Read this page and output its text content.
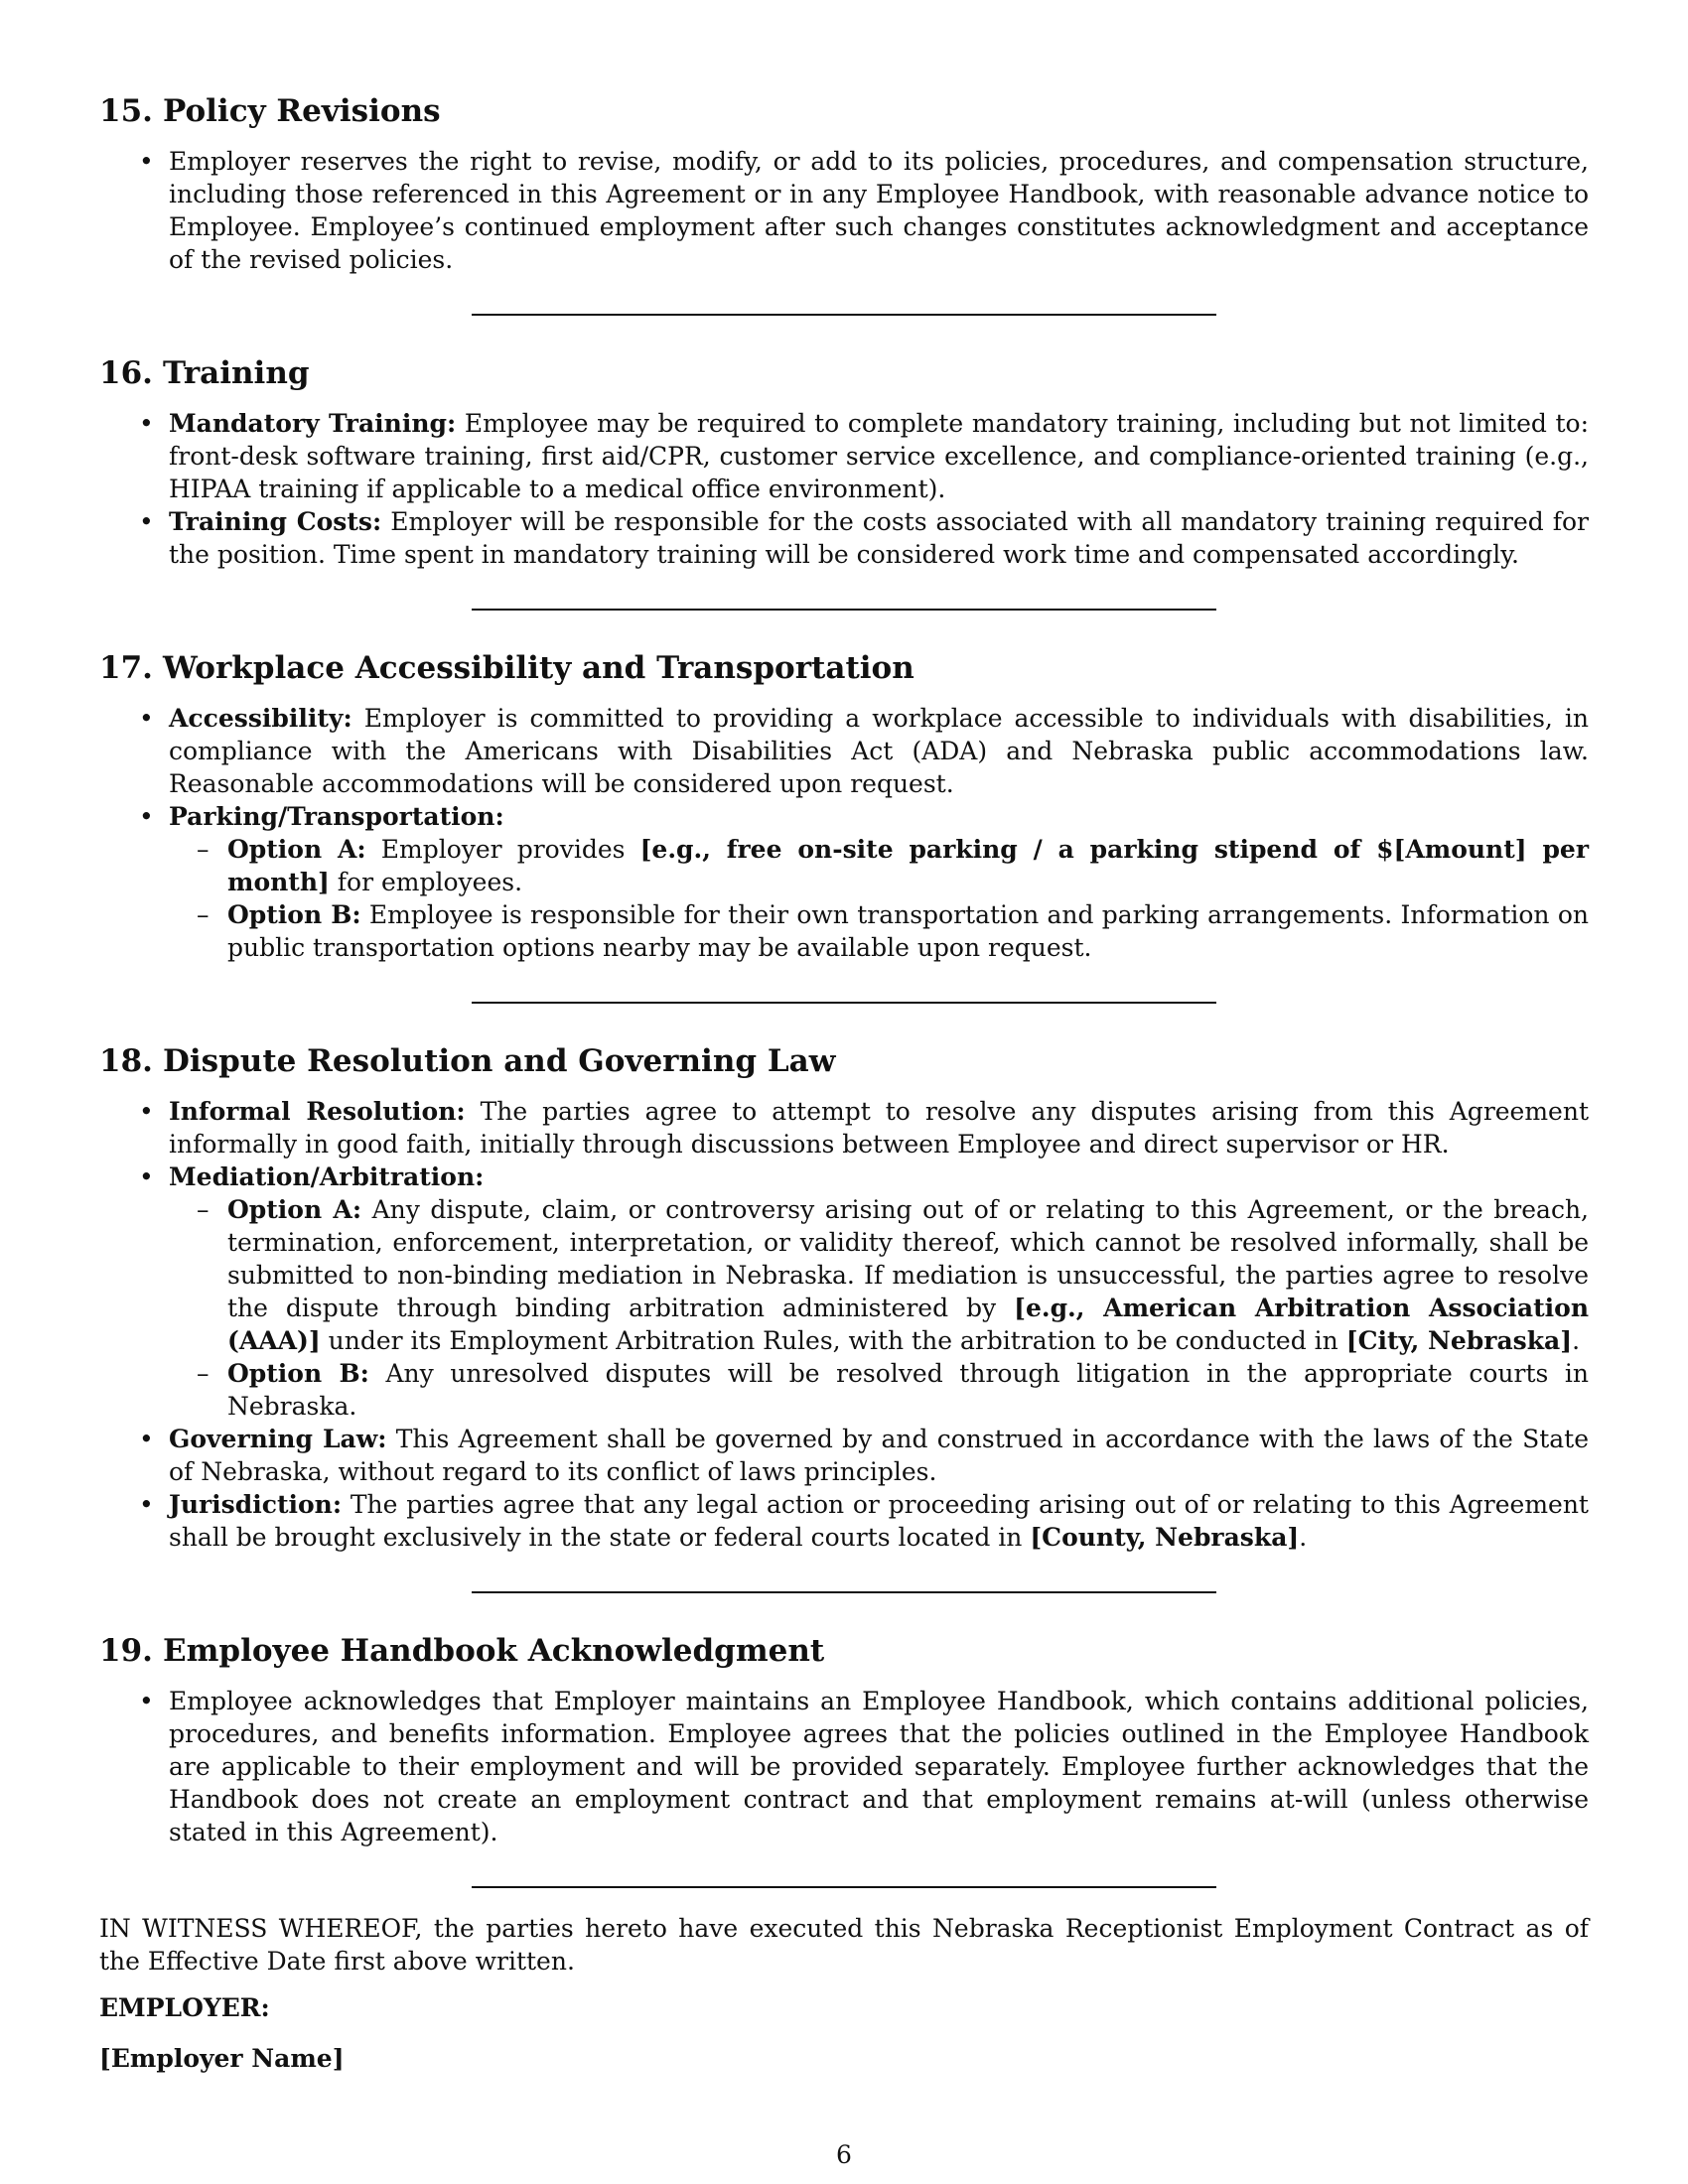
15. Policy Revisions
• Employer reserves the right to revise, modify, or add to its policies, procedures, and compensation structure, including those referenced in this Agreement or in any Employee Handbook, with reasonable advance notice to Employee. Employee’s continued employment after such changes constitutes acknowledgment and acceptance of the revised policies.
16. Training
• Mandatory Training: Employee may be required to complete mandatory training, including but not limited to: front-desk software training, first aid/CPR, customer service excellence, and compliance-oriented training (e.g., HIPAA training if applicable to a medical office environment).
• Training Costs: Employer will be responsible for the costs associated with all mandatory training required for the position. Time spent in mandatory training will be considered work time and compensated accordingly.
17. Workplace Accessibility and Transportation
• Accessibility: Employer is committed to providing a workplace accessible to individuals with disabilities, in compliance with the Americans with Disabilities Act (ADA) and Nebraska public accommodations law. Reasonable accommodations will be considered upon request.
• Parking/Transportation:
– Option A: Employer provides [e.g., free on-site parking / a parking stipend of $[Amount] per month] for employees.
– Option B: Employee is responsible for their own transportation and parking arrangements. Information on public transportation options nearby may be available upon request.
18. Dispute Resolution and Governing Law
• Informal Resolution: The parties agree to attempt to resolve any disputes arising from this Agreement informally in good faith, initially through discussions between Employee and direct supervisor or HR.
• Mediation/Arbitration:
– Option A: Any dispute, claim, or controversy arising out of or relating to this Agreement, or the breach, termination, enforcement, interpretation, or validity thereof, which cannot be resolved informally, shall be submitted to non-binding mediation in Nebraska. If mediation is unsuccessful, the parties agree to resolve the dispute through binding arbitration administered by [e.g., American Arbitration Association (AAA)] under its Employment Arbitration Rules, with the arbitration to be conducted in [City, Nebraska].
– Option B: Any unresolved disputes will be resolved through litigation in the appropriate courts in Nebraska.
• Governing Law: This Agreement shall be governed by and construed in accordance with the laws of the State of Nebraska, without regard to its conflict of laws principles.
• Jurisdiction: The parties agree that any legal action or proceeding arising out of or relating to this Agreement shall be brought exclusively in the state or federal courts located in [County, Nebraska].
19. Employee Handbook Acknowledgment
• Employee acknowledges that Employer maintains an Employee Handbook, which contains additional policies, procedures, and benefits information. Employee agrees that the policies outlined in the Employee Handbook are applicable to their employment and will be provided separately. Employee further acknowledges that the Handbook does not create an employment contract and that employment remains at-will (unless otherwise stated in this Agreement).

IN WITNESS WHEREOF, the parties hereto have executed this Nebraska Receptionist Employment Contract as of the Effective Date first above written.

EMPLOYER:

[Employer Name]

6
